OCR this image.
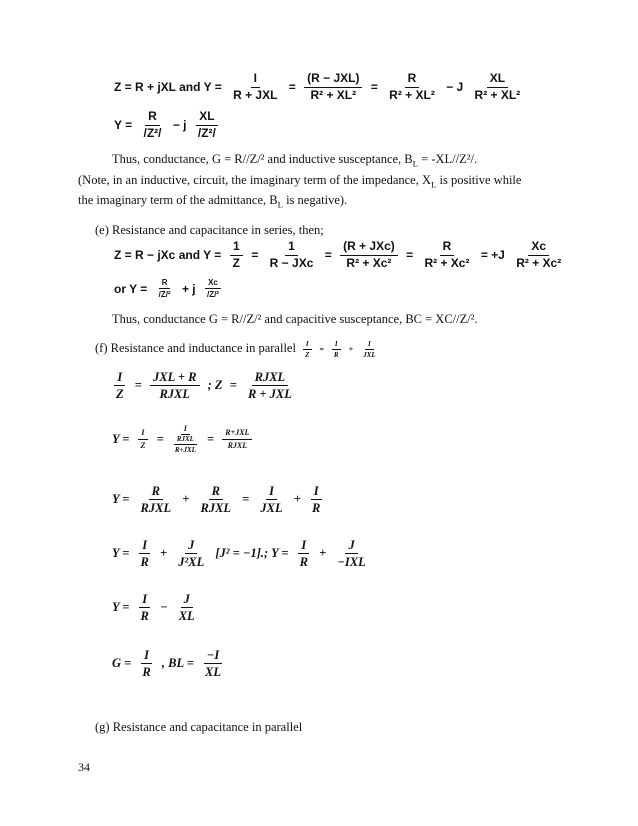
Z = R + jXL and $Y = \frac{I}{\text{R + JXL}} = \frac{\text{(R − JXL)}}{\text{R² + XL²}} = \frac{R}{\text{R² + XL²}} - J \frac{XL}{\text{R² + XL²}}$
$Y = \frac{R}{\text{/Z²/}} - j \frac{XL}{\text{/Z²/}}$
Thus, conductance, G = R//Z/² and inductive susceptance, $B_L = -XL//Z^2/$.
(Note, in an inductive, circuit, the imaginary term of the impedance, $X_L$ is positive while
the imaginary term of the admittance, $B_L$ is negative).
(e) Resistance and capacitance in series, then;
Z = R − jXc and $Y = \frac{1}{Z} = \frac{1}{\text{R − JXc}} = \frac{\text{(R + JXc)}}{\text{R² + Xc²}} = \frac{R}{\text{R² + Xc²}} = +J \frac{Xc}{\text{R² + Xc²}}$
or $Y = \frac{R}{\text{/Z/²}} + j \frac{Xc}{\text{/Z/²}}$
Thus, conductance G = R//Z/² and capacitive susceptance, BC = XC//Z/².
(f) Resistance and inductance in parallel $\frac{I}{Z} = \frac{I}{R} + \frac{I}{\text{JXL}}$
$\frac{I}{Z} = \frac{\text{JXL + R}}{\text{RJXL}}$ ; $Z = \frac{\text{RJXL}}{\text{R + JXL}}$
$Y = \frac{I}{Z} = \frac{I}{\frac{\text{RJXL}}{\text{R+JXL}}} = \frac{\text{R+JXL}}{\text{RJXL}}$
$Y = \frac{R}{\text{RJXL}} + \frac{R}{\text{RJXL}} = \frac{I}{\text{JXL}} + \frac{I}{R}$
$Y = \frac{I}{R} + \frac{J}{\text{J²XL}} [J^2 = -1]$.; $Y = \frac{I}{R} + \frac{J}{\text{−IXL}}$
$Y = \frac{I}{R} - \frac{J}{XL}$
$G = \frac{I}{R}$ , BL = $\frac{-I}{XL}$
(g) Resistance and capacitance in parallel
34
